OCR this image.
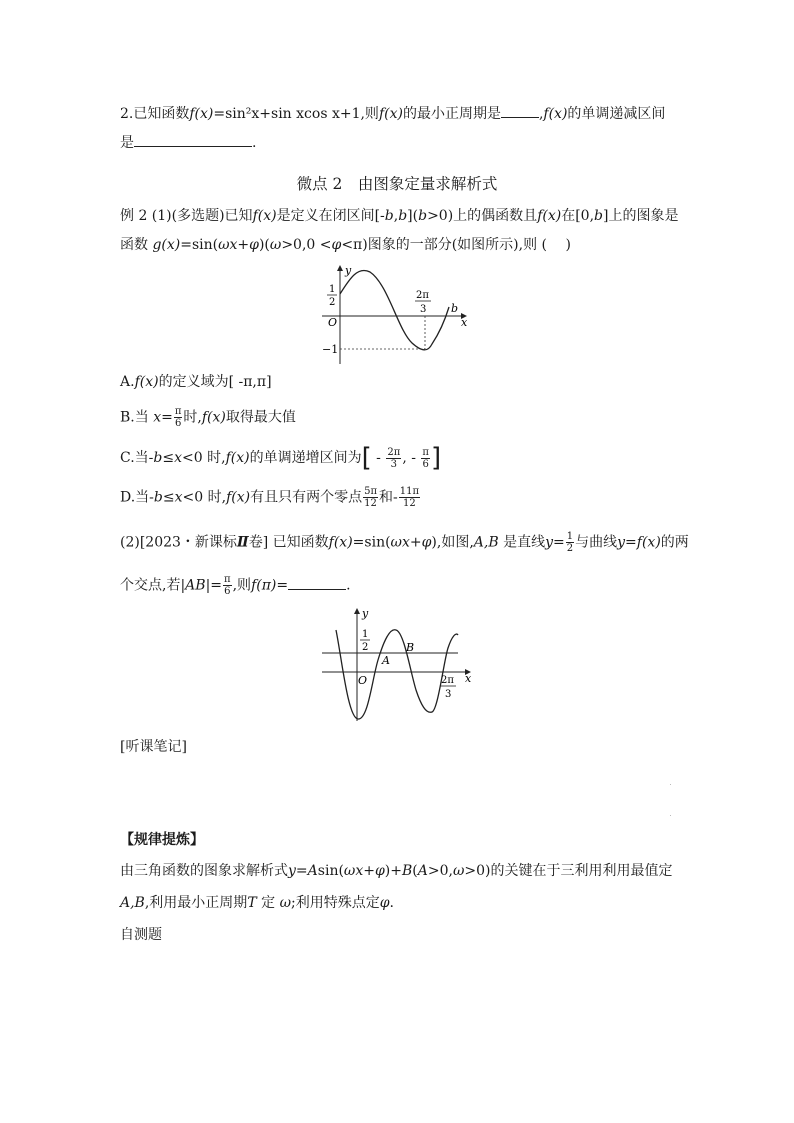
2.已知函数f(x)=sin²x+sin xcos x+1,则f(x)的最小正周期是	,f(x)的单调递减区间
是	.
微点 2　由图象定量求解析式
例 2 (1)(多选题)已知f(x)是定义在闭区间[-b,b](b>0)上的偶函数且f(x)在[0,b]上的图象是
函数 g(x)=sin(ωx+φ)(ω>0,0 <φ<π)图象的一部分(如图所示),则 (　 )
y
x
O
b
1
2
2π
3
−1
A.f(x)的定义域为[ -π,π]
B.当 $x= \frac{\pi}{6}$ 时,f(x)取得最大值
C.当-b≤x<0 时,f(x)的单调递增区间为[ - $\frac{2\pi}{3}$ , - $\frac{\pi}{6}$ ]
D.当-b≤x<0 时,f(x)有且只有两个零点 $\frac{5\pi}{12}$ 和- $\frac{11\pi}{12}$
(2)[2023・新课标Ⅱ卷] 已知函数f(x)=sin(ωx+φ),如图,A,B 是直线$y= \frac{1}{2}$ 与曲线y=f(x)的两
个交点,若$|AB|= \frac{\pi}{6}$ ,则f(π)=	.
y
x
O
A
B
1
2
2π
3
[听课笔记]
【规律提炼】
由三角函数的图象求解析式y=Asin(ωx+φ)+B(A>0,ω>0)的关键在于三利用利用最值定
A,B,利用最小正周期T 定 ω;利用特殊点定φ.
自测题
